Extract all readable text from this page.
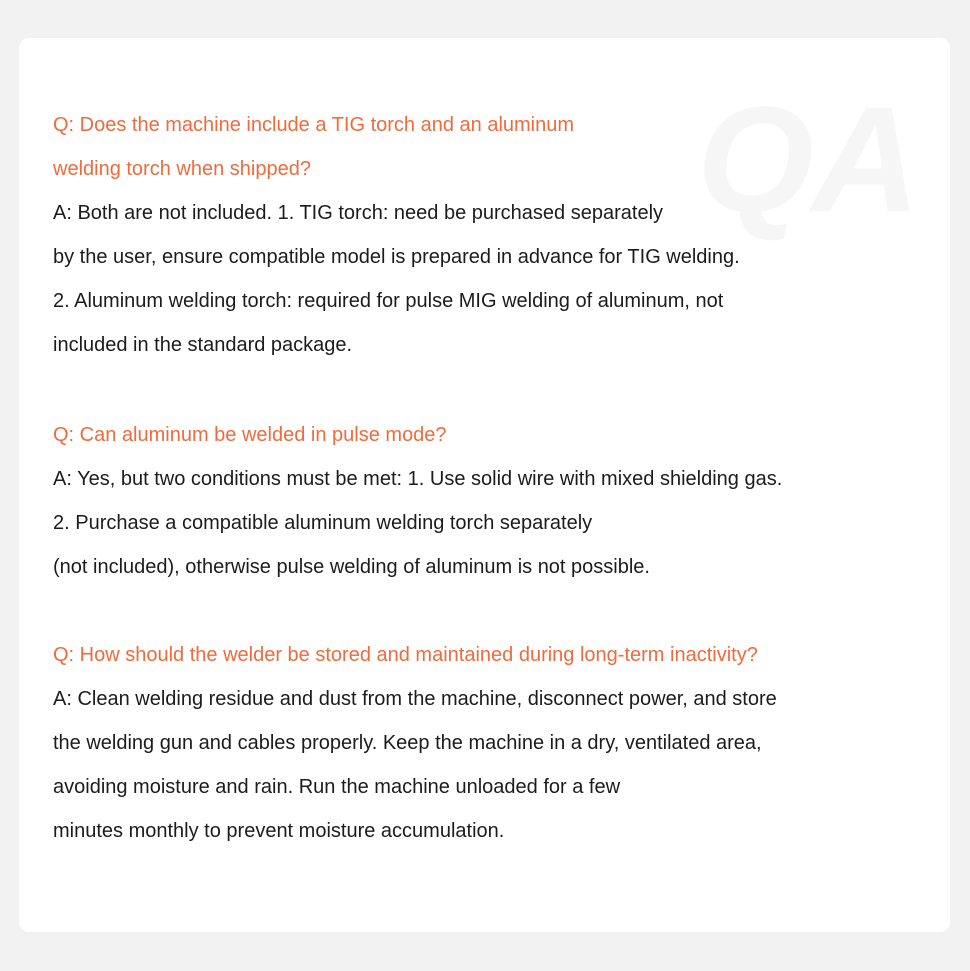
QA
Q: Does the machine include a TIG torch and an aluminum
welding torch when shipped?
A: Both are not included. 1. TIG torch: need be purchased separately
by the user, ensure compatible model is prepared in advance for TIG welding.
2. Aluminum welding torch: required for pulse MIG welding of aluminum, not
included in the standard package.
Q: Can aluminum be welded in pulse mode?
A: Yes, but two conditions must be met: 1. Use solid wire with mixed shielding gas.
2. Purchase a compatible aluminum welding torch separately
(not included), otherwise pulse welding of aluminum is not possible.
Q: How should the welder be stored and maintained during long-term inactivity?
A: Clean welding residue and dust from the machine, disconnect power, and store
the welding gun and cables properly. Keep the machine in a dry, ventilated area,
avoiding moisture and rain. Run the machine unloaded for a few
minutes monthly to prevent moisture accumulation.
